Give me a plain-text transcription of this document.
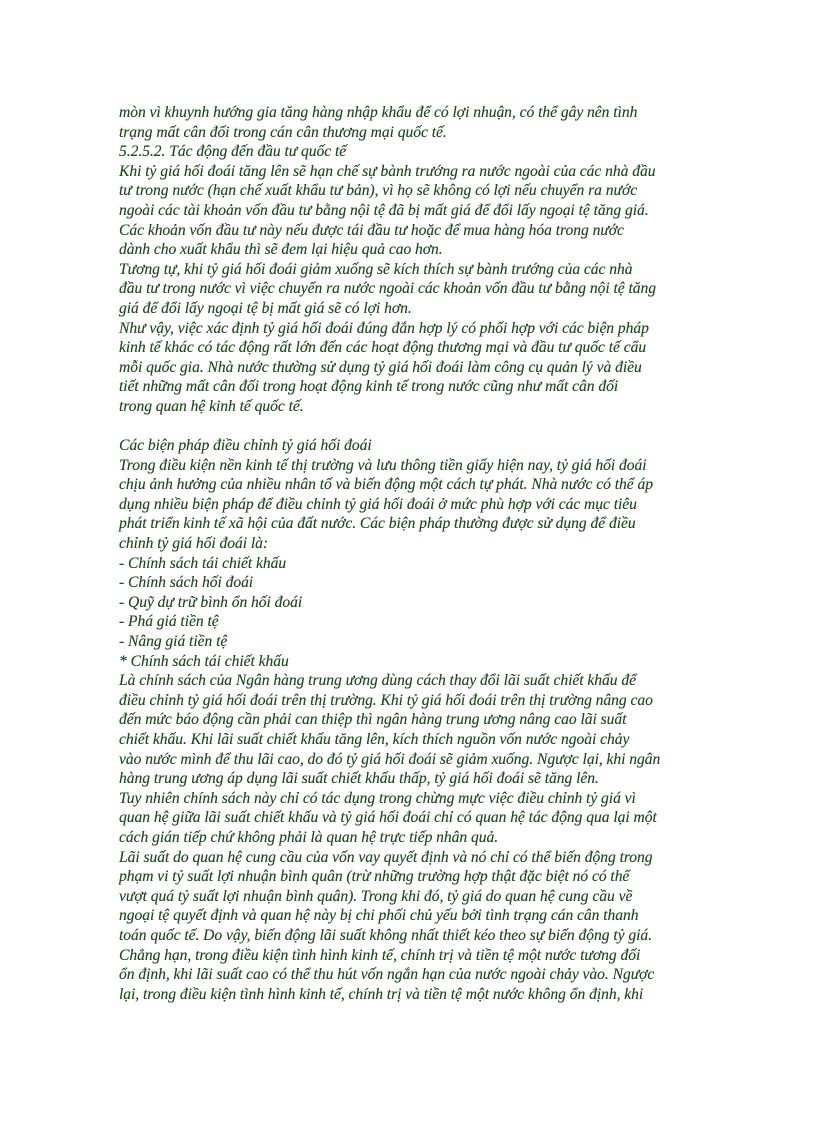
mòn vì khuynh hướng gia tăng hàng nhập khẩu để có lợi nhuận, có thể gây nên tình
trạng mất cân đối trong cán cân thương mại quốc tế.
5.2.5.2. Tác động đến đầu tư quốc tế
Khi tỷ giá hối đoái tăng lên sẽ hạn chế sự bành trướng ra nước ngoài của các nhà đầu
tư trong nước (hạn chế xuất khẩu tư bản), vì họ sẽ không có lợi nếu chuyển ra nước
ngoài các tài khoản vốn đầu tư bằng nội tệ đã bị mất giá để đổi lấy ngoại tệ tăng giá.
Các khoản vốn đầu tư này nếu được tái đầu tư hoặc để mua hàng hóa trong nước
dành cho xuất khẩu thì sẽ đem lại hiệu quả cao hơn.
Tương tự, khi tỷ giá hối đoái giảm xuống sẽ kích thích sự bành trướng của các nhà
đầu tư trong nước vì việc chuyển ra nước ngoài các khoản vốn đầu tư bằng nội tệ tăng
giá để đổi lấy ngoại tệ bị mất giá sẽ có lợi hơn.
Như vậy, việc xác định tỷ giá hối đoái đúng đắn hợp lý có phối hợp với các biện pháp
kinh tế khác có tác động rất lớn đến các hoạt động thương mại và đầu tư quốc tế cẩu
mỗi quốc gia. Nhà nước thường sử dụng tỷ giá hối đoái làm công cụ quản lý và điều
tiết những mất cân đối trong hoạt động kinh tế trong nước cũng như mất cân đối
trong quan hệ kinh tế quốc tế.
Các biện pháp điều chỉnh tỷ giá hối đoái
Trong điều kiện nền kinh tế thị trường và lưu thông tiền giấy hiện nay, tỷ giá hối đoái
chịu ảnh hưởng của nhiều nhân tố và biến động một cách tự phát. Nhà nước có thể áp
dụng nhiều biện pháp để điều chỉnh tỷ giá hối đoái ở mức phù hợp với các mục tiêu
phát triển kinh tế xã hội của đất nước. Các biện pháp thường được sử dụng để điều
chỉnh tỷ giá hối đoái là:
- Chính sách tái chiết khấu
- Chính sách hối đoái
- Quỹ dự trữ bình ổn hối đoái
- Phá giá tiền tệ
- Nâng giá tiền tệ
* Chính sách tái chiết khấu
Là chính sách của Ngân hàng trung ương dùng cách thay đổi lãi suất chiết khấu để
điều chỉnh tỷ giá hối đoái trên thị trường. Khi tỷ giá hối đoái trên thị trường nâng cao
đến mức báo động cần phải can thiệp thì ngân hàng trung ương nâng cao lãi suất
chiết khấu. Khi lãi suất chiết khấu tăng lên, kích thích nguồn vốn nước ngoài chảy
vào nước mình để thu lãi cao, do đó tỷ giá hối đoái sẽ giảm xuống. Ngược lại, khi ngân
hàng trung ương áp dụng lãi suất chiết khấu thấp, tỷ giá hối đoái sẽ tăng lên.
Tuy nhiên chính sách này chỉ có tác dụng trong chừng mực việc điều chỉnh tỷ giá vì
quan hệ giữa lãi suất chiết khấu và tỷ giá hối đoái chỉ có quan hệ tác động qua lại một
cách gián tiếp chứ không phải là quan hệ trực tiếp nhân quả.
Lãi suất do quan hệ cung cầu của vốn vay quyết định và nó chỉ có thể biến động trong
phạm vi tỷ suất lợi nhuận bình quân (trừ những trường hợp thật đặc biệt nó có thể
vượt quá tỷ suất lợi nhuận bình quân). Trong khi đó, tỷ giá do quan hệ cung cầu về
ngoại tệ quyết định và quan hệ này bị chi phối chủ yếu bởi tình trạng cán cân thanh
toán quốc tế. Do vậy, biến động lãi suất không nhất thiết kéo theo sự biến động tỷ giá.
Chẳng hạn, trong điều kiện tình hình kinh tế, chính trị và tiền tệ một nước tương đối
ổn định, khi lãi suất cao có thể thu hút vốn ngắn hạn của nước ngoài chảy vào. Ngược
lại, trong điều kiện tình hình kinh tế, chính trị và tiền tệ một nước không ổn định, khi
